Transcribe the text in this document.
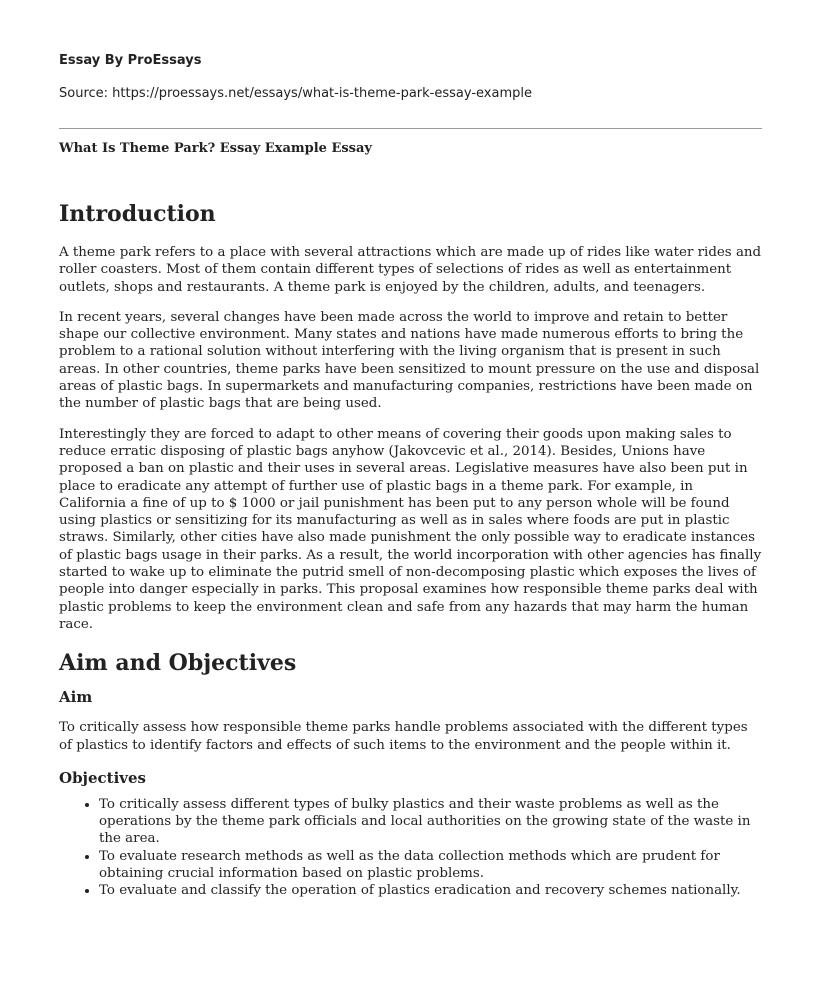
Essay By ProEssays
Source: https://proessays.net/essays/what-is-theme-park-essay-example
What Is Theme Park? Essay Example Essay
Introduction

A theme park refers to a place with several attractions which are made up of rides like water rides and roller coasters. Most of them contain different types of selections of rides as well as entertainment outlets, shops and restaurants. A theme park is enjoyed by the children, adults, and teenagers.

In recent years, several changes have been made across the world to improve and retain to better shape our collective environment. Many states and nations have made numerous efforts to bring the problem to a rational solution without interfering with the living organism that is present in such areas. In other countries, theme parks have been sensitized to mount pressure on the use and disposal areas of plastic bags. In supermarkets and manufacturing companies, restrictions have been made on the number of plastic bags that are being used.

Interestingly they are forced to adapt to other means of covering their goods upon making sales to reduce erratic disposing of plastic bags anyhow (Jakovcevic et al., 2014). Besides, Unions have proposed a ban on plastic and their uses in several areas. Legislative measures have also been put in place to eradicate any attempt of further use of plastic bags in a theme park. For example, in California a fine of up to $ 1000 or jail punishment has been put to any person whole will be found using plastics or sensitizing for its manufacturing as well as in sales where foods are put in plastic straws. Similarly, other cities have also made punishment the only possible way to eradicate instances of plastic bags usage in their parks. As a result, the world incorporation with other agencies has finally started to wake up to eliminate the putrid smell of non-decomposing plastic which exposes the lives of people into danger especially in parks. This proposal examines how responsible theme parks deal with plastic problems to keep the environment clean and safe from any hazards that may harm the human race.

Aim and Objectives
Aim

To critically assess how responsible theme parks handle problems associated with the different types of plastics to identify factors and effects of such items to the environment and the people within it.

Objectives
• To critically assess different types of bulky plastics and their waste problems as well as the operations by the theme park officials and local authorities on the growing state of the waste in the area.
• To evaluate research methods as well as the data collection methods which are prudent for obtaining crucial information based on plastic problems.
• To evaluate and classify the operation of plastics eradication and recovery schemes nationally.
